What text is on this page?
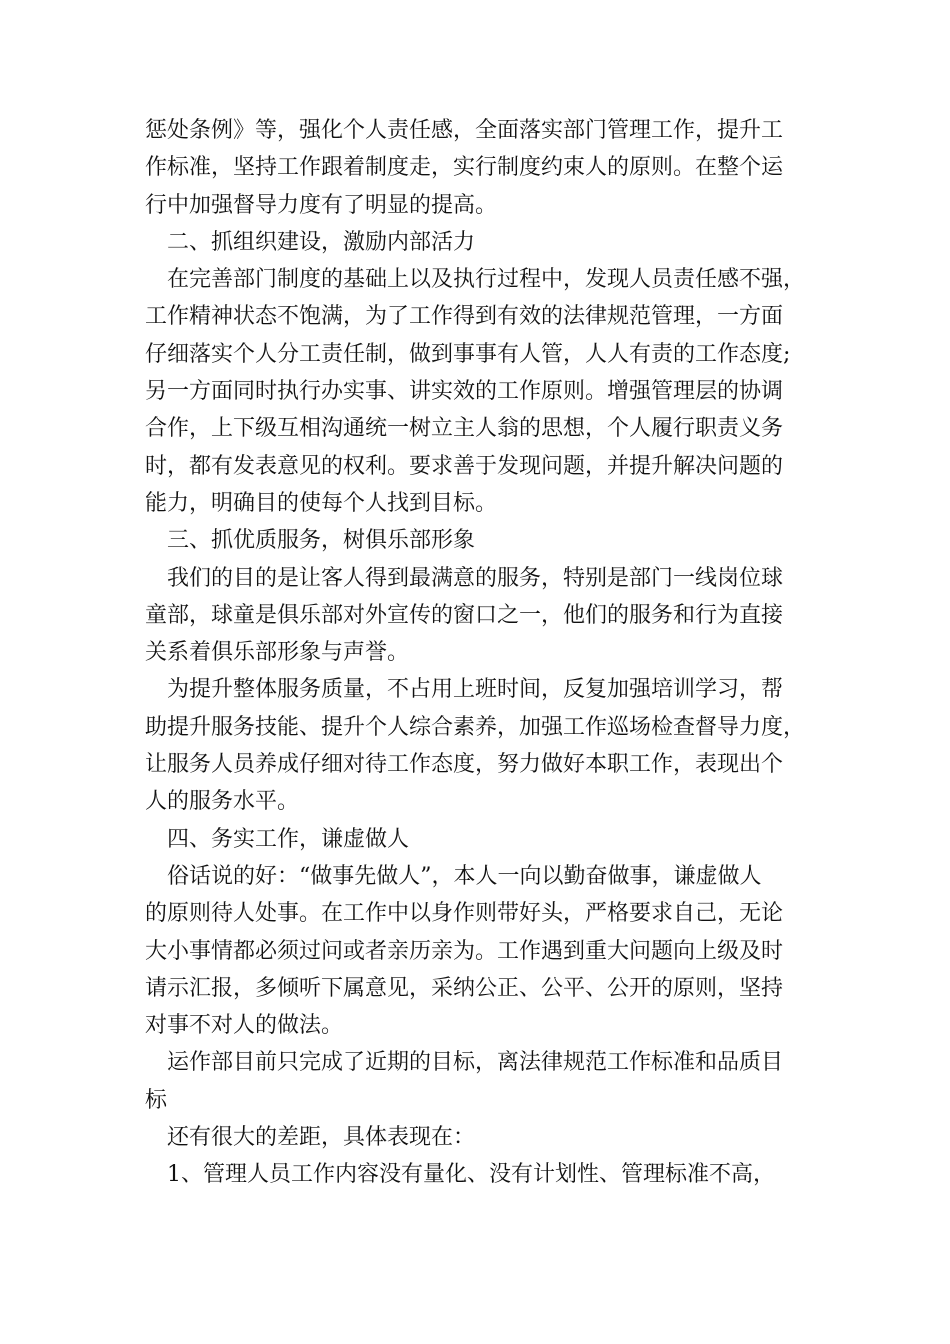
惩处条例》等，强化个人责任感，全面落实部门管理工作，提升工
作标准，坚持工作跟着制度走，实行制度约束人的原则。在整个运
行中加强督导力度有了明显的提高。
二、抓组织建设，激励内部活力
在完善部门制度的基础上以及执行过程中，发现人员责任感不强，
工作精神状态不饱满，为了工作得到有效的法律规范管理，一方面
仔细落实个人分工责任制，做到事事有人管，人人有责的工作态度;
另一方面同时执行办实事、讲实效的工作原则。增强管理层的协调
合作，上下级互相沟通统一树立主人翁的思想，个人履行职责义务
时，都有发表意见的权利。要求善于发现问题，并提升解决问题的
能力，明确目的使每个人找到目标。
三、抓优质服务，树俱乐部形象
我们的目的是让客人得到最满意的服务，特别是部门一线岗位球
童部，球童是俱乐部对外宣传的窗口之一，他们的服务和行为直接
关系着俱乐部形象与声誉。
为提升整体服务质量，不占用上班时间，反复加强培训学习，帮
助提升服务技能、提升个人综合素养，加强工作巡场检查督导力度，
让服务人员养成仔细对待工作态度，努力做好本职工作，表现出个
人的服务水平。
四、务实工作，谦虚做人
俗话说的好：“做事先做人”，本人一向以勤奋做事，谦虚做人
的原则待人处事。在工作中以身作则带好头，严格要求自己，无论
大小事情都必须过问或者亲历亲为。工作遇到重大问题向上级及时
请示汇报，多倾听下属意见，采纳公正、公平、公开的原则，坚持
对事不对人的做法。
运作部目前只完成了近期的目标，离法律规范工作标准和品质目
标
还有很大的差距，具体表现在：
1、管理人员工作内容没有量化、没有计划性、管理标准不高，
